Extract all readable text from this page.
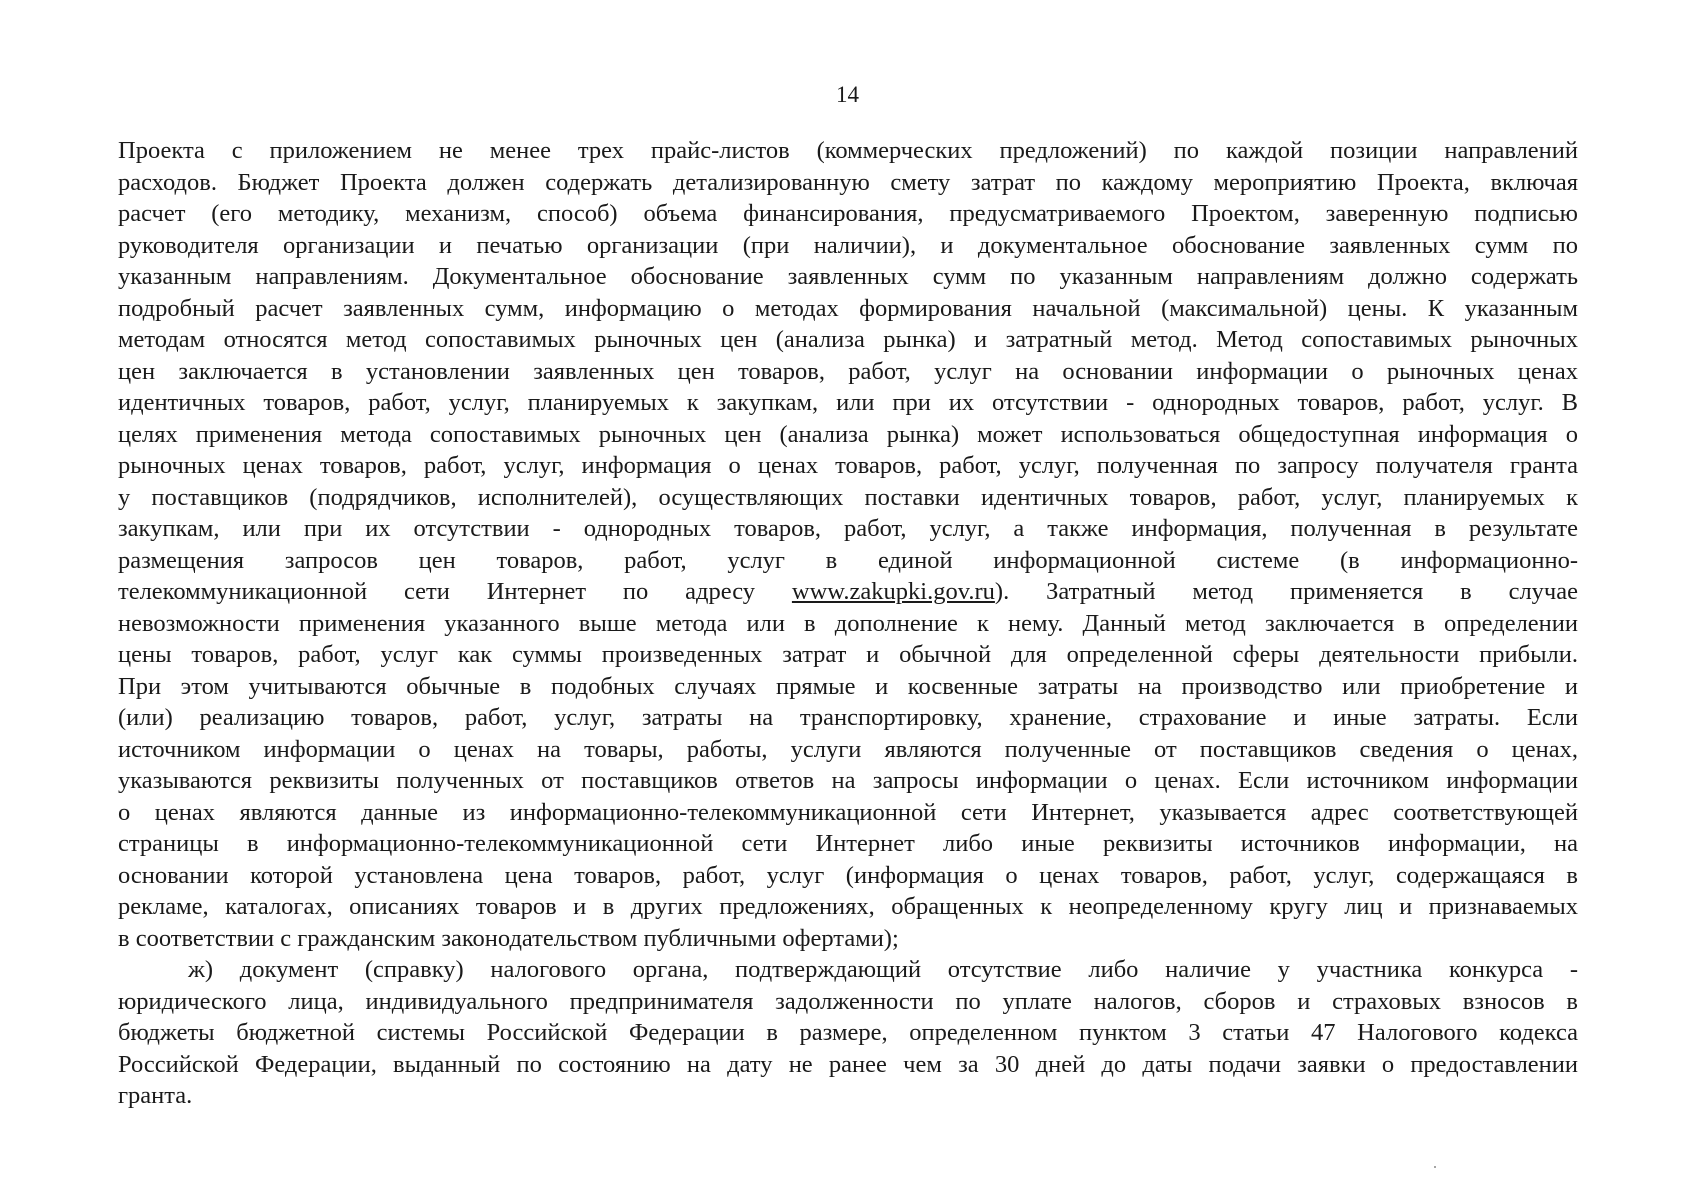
14
Проекта с приложением не менее трех прайс-листов (коммерческих предложений) по каждой позиции направлений
расходов. Бюджет Проекта должен содержать детализированную смету затрат по каждому мероприятию Проекта, включая
расчет (его методику, механизм, способ) объема финансирования, предусматриваемого Проектом, заверенную подписью
руководителя организации и печатью организации (при наличии), и документальное обоснование заявленных сумм по
указанным направлениям. Документальное обоснование заявленных сумм по указанным направлениям должно содержать
подробный расчет заявленных сумм, информацию о методах формирования начальной (максимальной) цены. К указанным
методам относятся метод сопоставимых рыночных цен (анализа рынка) и затратный метод. Метод сопоставимых рыночных
цен заключается в установлении заявленных цен товаров, работ, услуг на основании информации о рыночных ценах
идентичных товаров, работ, услуг, планируемых к закупкам, или при их отсутствии - однородных товаров, работ, услуг. В
целях применения метода сопоставимых рыночных цен (анализа рынка) может использоваться общедоступная информация о
рыночных ценах товаров, работ, услуг, информация о ценах товаров, работ, услуг, полученная по запросу получателя гранта
у поставщиков (подрядчиков, исполнителей), осуществляющих поставки идентичных товаров, работ, услуг, планируемых к
закупкам, или при их отсутствии - однородных товаров, работ, услуг, а также информация, полученная в результате
размещения запросов цен товаров, работ, услуг в единой информационной системе (в информационно-
телекоммуникационной сети Интернет по адресу www.zakupki.gov.ru). Затратный метод применяется в случае
невозможности применения указанного выше метода или в дополнение к нему. Данный метод заключается в определении
цены товаров, работ, услуг как суммы произведенных затрат и обычной для определенной сферы деятельности прибыли.
При этом учитываются обычные в подобных случаях прямые и косвенные затраты на производство или приобретение и
(или) реализацию товаров, работ, услуг, затраты на транспортировку, хранение, страхование и иные затраты. Если
источником информации о ценах на товары, работы, услуги являются полученные от поставщиков сведения о ценах,
указываются реквизиты полученных от поставщиков ответов на запросы информации о ценах. Если источником информации
о ценах являются данные из информационно-телекоммуникационной сети Интернет, указывается адрес соответствующей
страницы в информационно-телекоммуникационной сети Интернет либо иные реквизиты источников информации, на
основании которой установлена цена товаров, работ, услуг (информация о ценах товаров, работ, услуг, содержащаяся в
рекламе, каталогах, описаниях товаров и в других предложениях, обращенных к неопределенному кругу лиц и признаваемых
в соответствии с гражданским законодательством публичными офертами);
ж) документ (справку) налогового органа, подтверждающий отсутствие либо наличие у участника конкурса -
юридического лица, индивидуального предпринимателя задолженности по уплате налогов, сборов и страховых взносов в
бюджеты бюджетной системы Российской Федерации в размере, определенном пунктом 3 статьи 47 Налогового кодекса
Российской Федерации, выданный по состоянию на дату не ранее чем за 30 дней до даты подачи заявки о предоставлении
гранта.
